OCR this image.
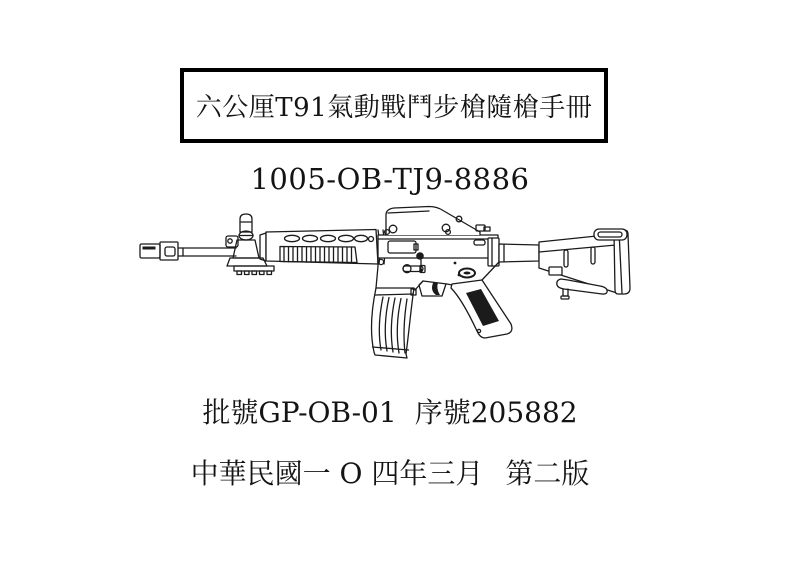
六公厘T91氣動戰鬥步槍隨槍手冊
1005-OB-TJ9-8886
批號GP-OB-01 序號205882
中華民國一 O 四年三月 第二版
